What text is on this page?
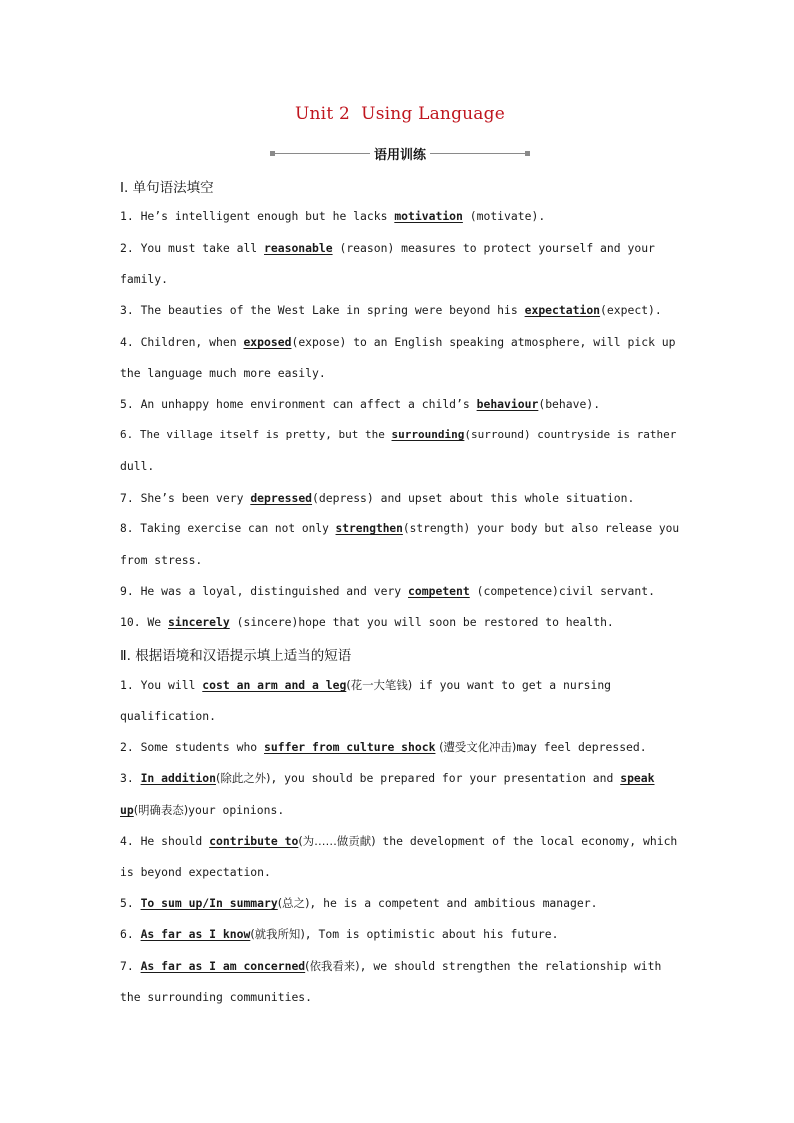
Unit 2  Using Language
语用训练
Ⅰ. 单句语法填空
1. He’s intelligent enough but he lacks motivation (motivate).
2. You must take all reasonable (reason) measures to protect yourself and your
family.
3. The beauties of the West Lake in spring were beyond his expectation(expect).
4. Children, when exposed(expose) to an English speaking atmosphere, will pick up
the language much more easily.
5. An unhappy home environment can affect a child’s behaviour(behave).
6. The village itself is pretty, but the surrounding(surround) countryside is rather
dull.
7. She’s been very depressed(depress) and upset about this whole situation.
8. Taking exercise can not only strengthen(strength) your body but also release you
from stress.
9. He was a loyal, distinguished and very competent (competence)civil servant.
10. We sincerely (sincere)hope that you will soon be restored to health.
Ⅱ. 根据语境和汉语提示填上适当的短语
1. You will cost an arm and a leg(花一大笔钱) if you want to get a nursing
qualification.
2. Some students who suffer from culture shock (遭受文化冲击)may feel depressed.
3. In addition(除此之外), you should be prepared for your presentation and speak
up(明确表态)your opinions.
4. He should contribute to(为……做贡献) the development of the local economy, which
is beyond expectation.
5. To sum up/In summary(总之), he is a competent and ambitious manager.
6. As far as I know(就我所知), Tom is optimistic about his future.
7. As far as I am concerned(依我看来), we should strengthen the relationship with
the surrounding communities.
